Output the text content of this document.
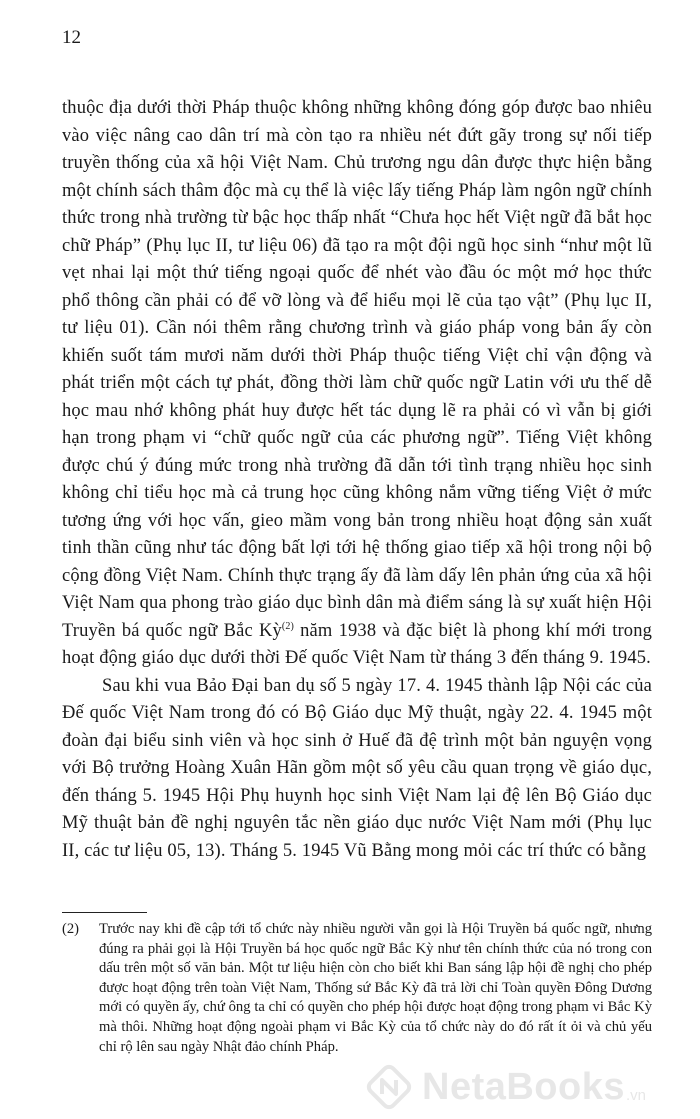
12

thuộc địa dưới thời Pháp thuộc không những không đóng góp được bao nhiêu vào việc nâng cao dân trí mà còn tạo ra nhiều nét đứt gãy trong sự nối tiếp truyền thống của xã hội Việt Nam. Chủ trương ngu dân được thực hiện bằng một chính sách thâm độc mà cụ thể là việc lấy tiếng Pháp làm ngôn ngữ chính thức trong nhà trường từ bậc học thấp nhất “Chưa học hết Việt ngữ đã bắt học chữ Pháp” (Phụ lục II, tư liệu 06) đã tạo ra một đội ngũ học sinh “như một lũ vẹt nhai lại một thứ tiếng ngoại quốc để nhét vào đầu óc một mớ học thức phổ thông cần phải có để vỡ lòng và để hiểu mọi lẽ của tạo vật” (Phụ lục II, tư liệu 01). Cần nói thêm rằng chương trình và giáo pháp vong bản ấy còn khiến suốt tám mươi năm dưới thời Pháp thuộc tiếng Việt chỉ vận động và phát triển một cách tự phát, đồng thời làm chữ quốc ngữ Latin với ưu thế dễ học mau nhớ không phát huy được hết tác dụng lẽ ra phải có vì vẫn bị giới hạn trong phạm vi “chữ quốc ngữ của các phương ngữ”. Tiếng Việt không được chú ý đúng mức trong nhà trường đã dẫn tới tình trạng nhiều học sinh không chỉ tiểu học mà cả trung học cũng không nắm vững tiếng Việt ở mức tương ứng với học vấn, gieo mầm vong bản trong nhiều hoạt động sản xuất tinh thần cũng như tác động bất lợi tới hệ thống giao tiếp xã hội trong nội bộ cộng đồng Việt Nam. Chính thực trạng ấy đã làm dấy lên phản ứng của xã hội Việt Nam qua phong trào giáo dục bình dân mà điểm sáng là sự xuất hiện Hội Truyền bá quốc ngữ Bắc Kỳ$^{(2)}$ năm 1938 và đặc biệt là phong khí mới trong hoạt động giáo dục dưới thời Đế quốc Việt Nam từ tháng 3 đến tháng 9. 1945.

Sau khi vua Bảo Đại ban dụ số 5 ngày 17. 4. 1945 thành lập Nội các của Đế quốc Việt Nam trong đó có Bộ Giáo dục Mỹ thuật, ngày 22. 4. 1945 một đoàn đại biểu sinh viên và học sinh ở Huế đã đệ trình một bản nguyện vọng với Bộ trưởng Hoàng Xuân Hãn gồm một số yêu cầu quan trọng về giáo dục, đến tháng 5. 1945 Hội Phụ huynh học sinh Việt Nam lại đệ lên Bộ Giáo dục Mỹ thuật bản đề nghị nguyên tắc nền giáo dục nước Việt Nam mới (Phụ lục II, các tư liệu 05, 13). Tháng 5. 1945 Vũ Bằng mong mỏi các trí thức có bằng

(2) Trước nay khi đề cập tới tổ chức này nhiều người vẫn gọi là Hội Truyền bá quốc ngữ, nhưng đúng ra phải gọi là Hội Truyền bá học quốc ngữ Bắc Kỳ như tên chính thức của nó trong con dấu trên một số văn bản. Một tư liệu hiện còn cho biết khi Ban sáng lập hội đề nghị cho phép được hoạt động trên toàn Việt Nam, Thống sứ Bắc Kỳ đã trả lời chỉ Toàn quyền Đông Dương mới có quyền ấy, chứ ông ta chỉ có quyền cho phép hội được hoạt động trong phạm vi Bắc Kỳ mà thôi. Những hoạt động ngoài phạm vi Bắc Kỳ của tổ chức này do đó rất ít ỏi và chủ yếu chỉ rộ lên sau ngày Nhật đảo chính Pháp.
NetaBooks .vn
